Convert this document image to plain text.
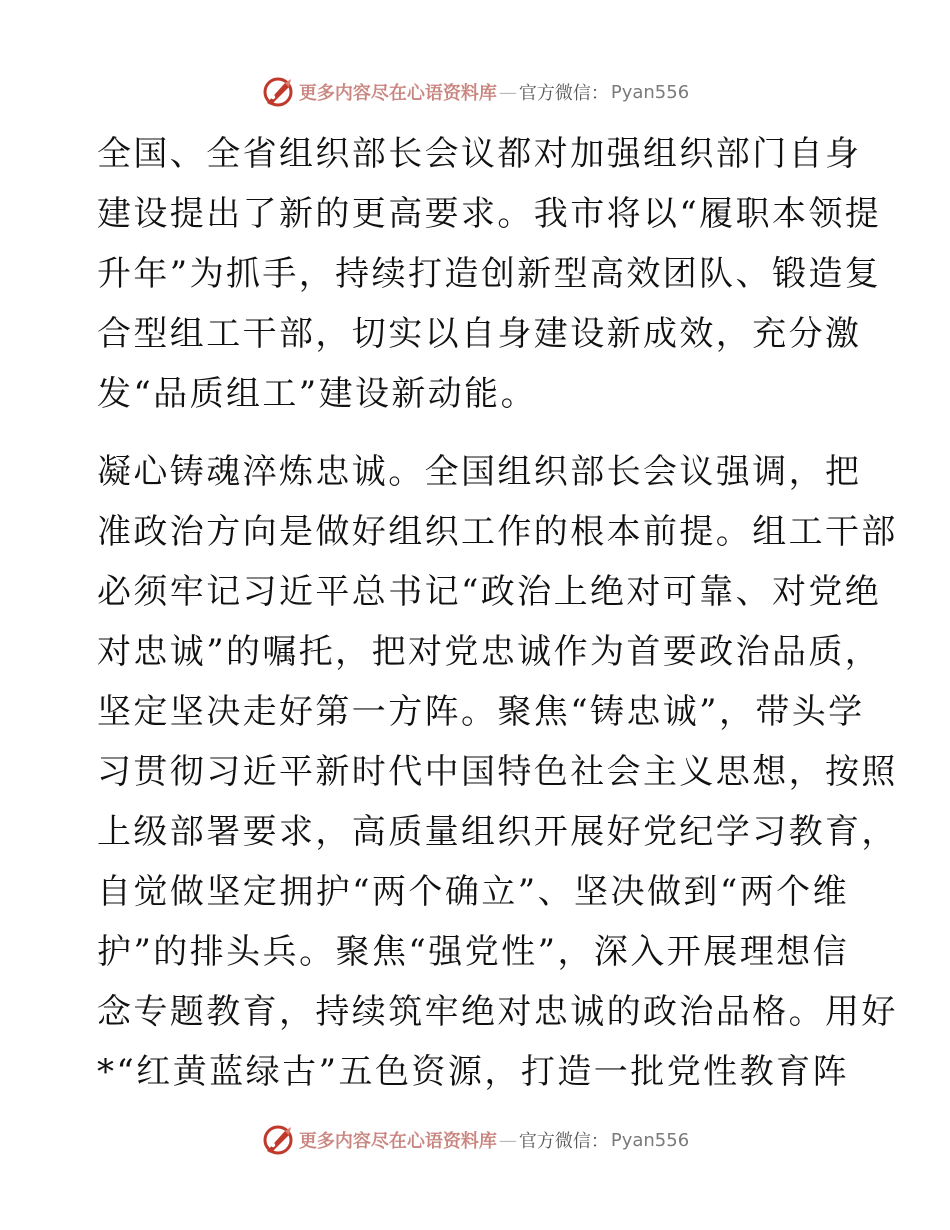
更多内容尽在心语资料库 — 官方微信： Pyan556
全国、全省组织部长会议都对加强组织部门自身
建设提出了新的更高要求。我市将以“履职本领提
升年”为抓手，持续打造创新型高效团队、锻造复
合型组工干部，切实以自身建设新成效，充分激
发“品质组工”建设新动能。
凝心铸魂淬炼忠诚。全国组织部长会议强调，把
准政治方向是做好组织工作的根本前提。组工干部
必须牢记习近平总书记“政治上绝对可靠、对党绝
对忠诚”的嘱托，把对党忠诚作为首要政治品质，
坚定坚决走好第一方阵。聚焦“铸忠诚”，带头学
习贯彻习近平新时代中国特色社会主义思想，按照
上级部署要求，高质量组织开展好党纪学习教育，
自觉做坚定拥护“两个确立”、坚决做到“两个维
护”的排头兵。聚焦“强党性”，深入开展理想信
念专题教育，持续筑牢绝对忠诚的政治品格。用好
*“红黄蓝绿古”五色资源，打造一批党性教育阵
更多内容尽在心语资料库 — 官方微信： Pyan556
